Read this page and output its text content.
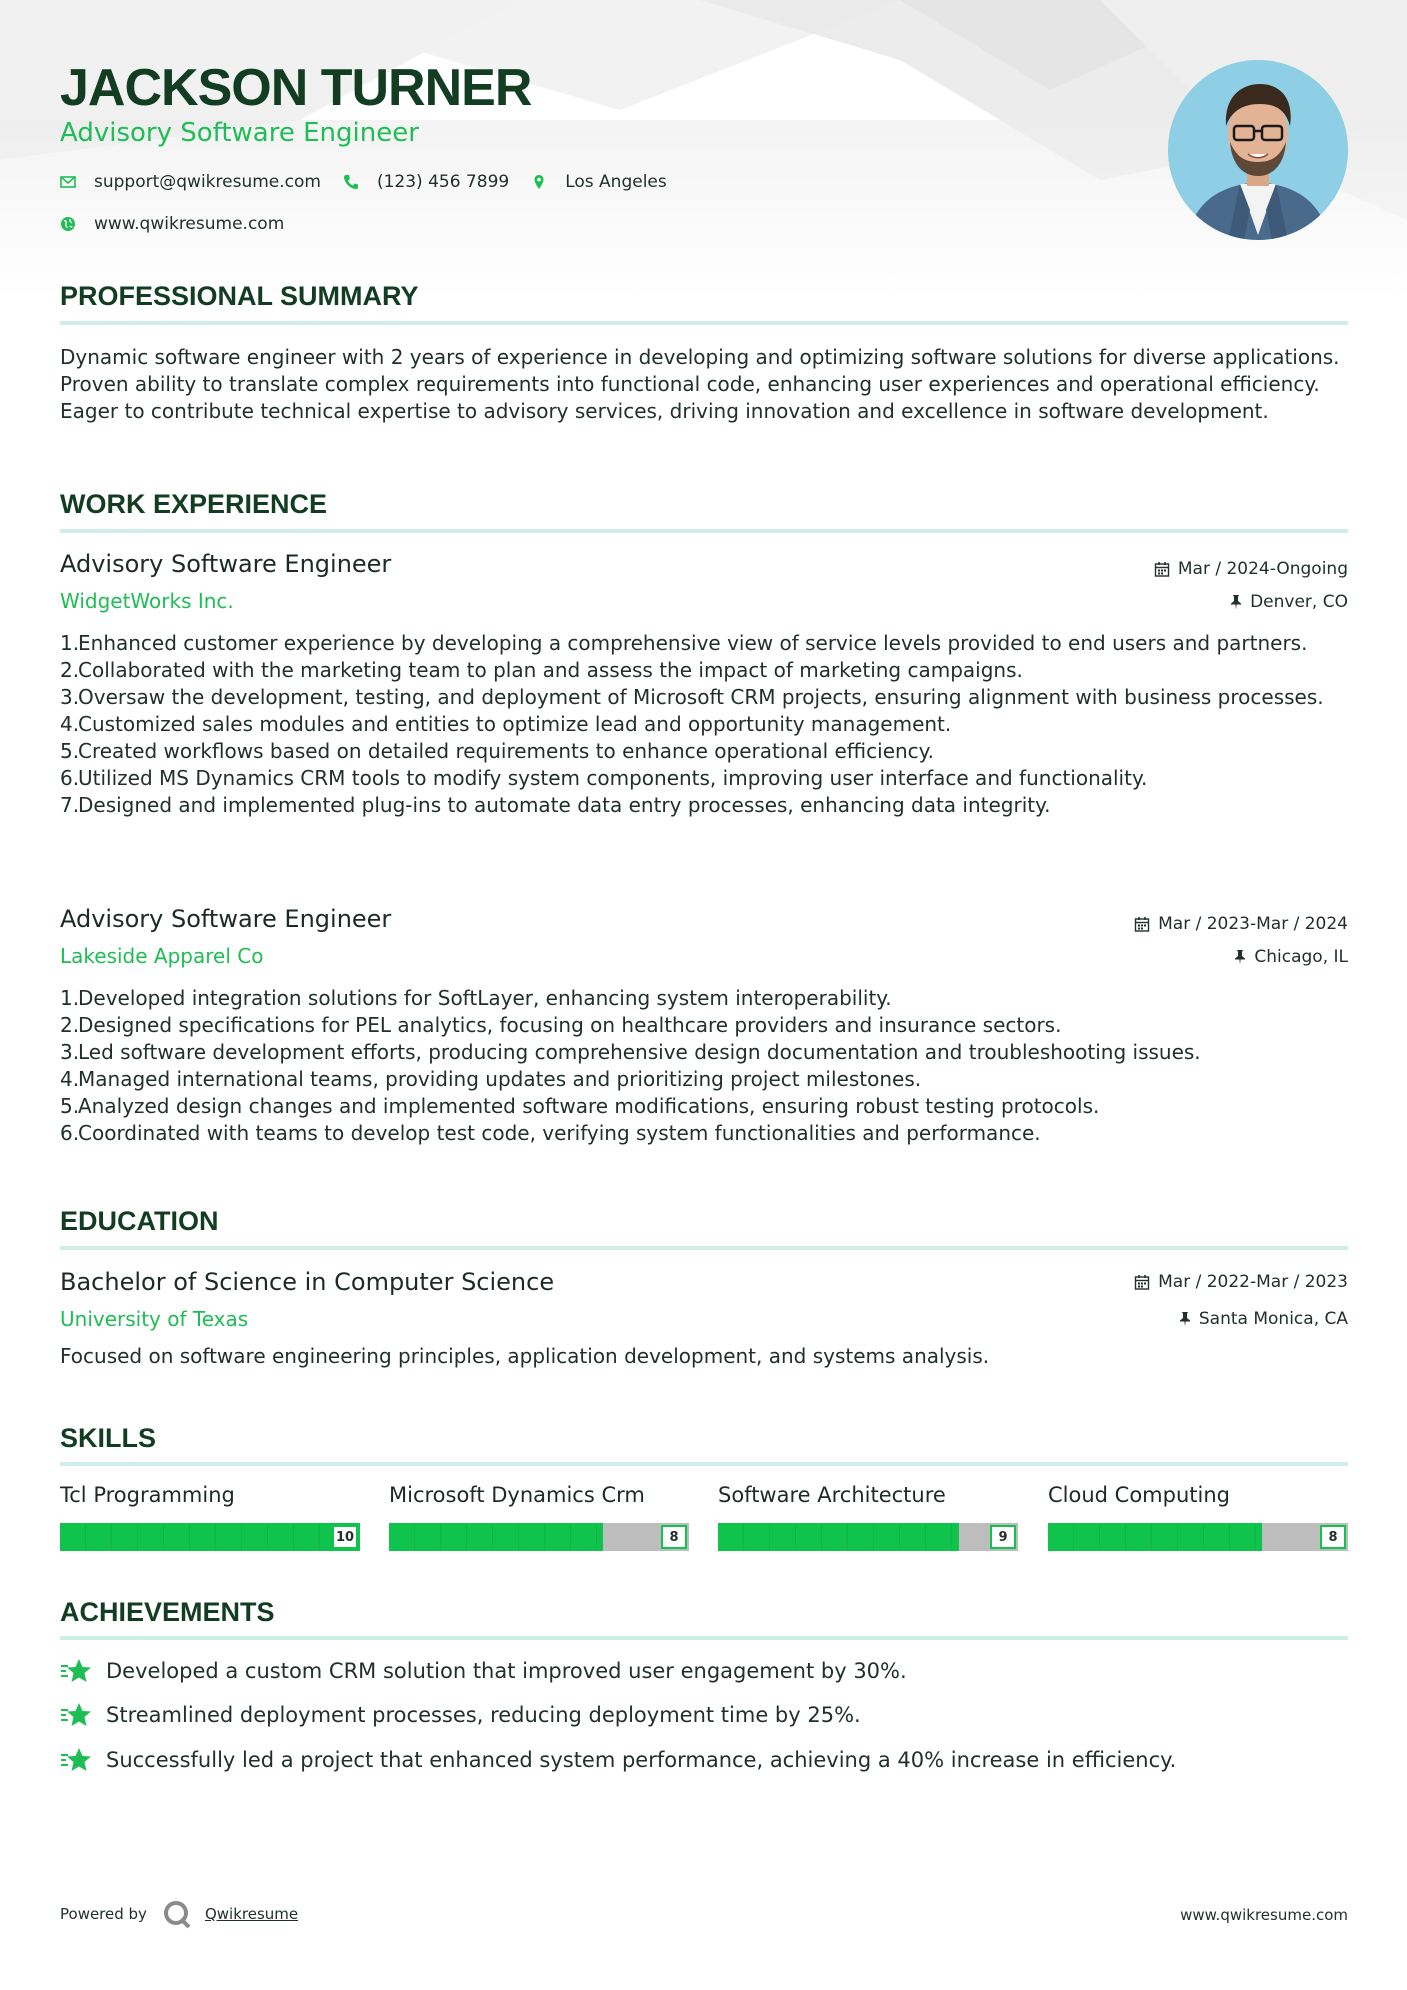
JACKSON TURNER
Advisory Software Engineer
support@qwikresume.com	(123) 456 7899	Los Angeles
www.qwikresume.com
PROFESSIONAL SUMMARY
Dynamic software engineer with 2 years of experience in developing and optimizing software solutions for diverse applications. Proven ability to translate complex requirements into functional code, enhancing user experiences and operational efficiency. Eager to contribute technical expertise to advisory services, driving innovation and excellence in software development.
WORK EXPERIENCE
Advisory Software Engineer
WidgetWorks Inc.
Mar / 2024-Ongoing
Denver, CO
1.
Enhanced customer experience by developing a comprehensive view of service levels provided to end users and partners.
2.
Collaborated with the marketing team to plan and assess the impact of marketing campaigns.
3.
Oversaw the development, testing, and deployment of Microsoft CRM projects, ensuring alignment with business processes.
4.
Customized sales modules and entities to optimize lead and opportunity management.
5.
Created workflows based on detailed requirements to enhance operational efficiency.
6.
Utilized MS Dynamics CRM tools to modify system components, improving user interface and functionality.
7.
Designed and implemented plug-ins to automate data entry processes, enhancing data integrity.
Advisory Software Engineer
Lakeside Apparel Co
Mar / 2023-Mar / 2024
Chicago, IL
1.
Developed integration solutions for SoftLayer, enhancing system interoperability.
2.
Designed specifications for PEL analytics, focusing on healthcare providers and insurance sectors.
3.
Led software development efforts, producing comprehensive design documentation and troubleshooting issues.
4.
Managed international teams, providing updates and prioritizing project milestones.
5.
Analyzed design changes and implemented software modifications, ensuring robust testing protocols.
6.
Coordinated with teams to develop test code, verifying system functionalities and performance.
EDUCATION
Bachelor of Science in Computer Science
University of Texas
Mar / 2022-Mar / 2023
Santa Monica, CA
Focused on software engineering principles, application development, and systems analysis.
SKILLS
Tcl Programming
10
Microsoft Dynamics Crm
8
Software Architecture
9
Cloud Computing
8
ACHIEVEMENTS
Developed a custom CRM solution that improved user engagement by 30%.
Streamlined deployment processes, reducing deployment time by 25%.
Successfully led a project that enhanced system performance, achieving a 40% increase in efficiency.
Powered by	Qwikresume	www.qwikresume.com
